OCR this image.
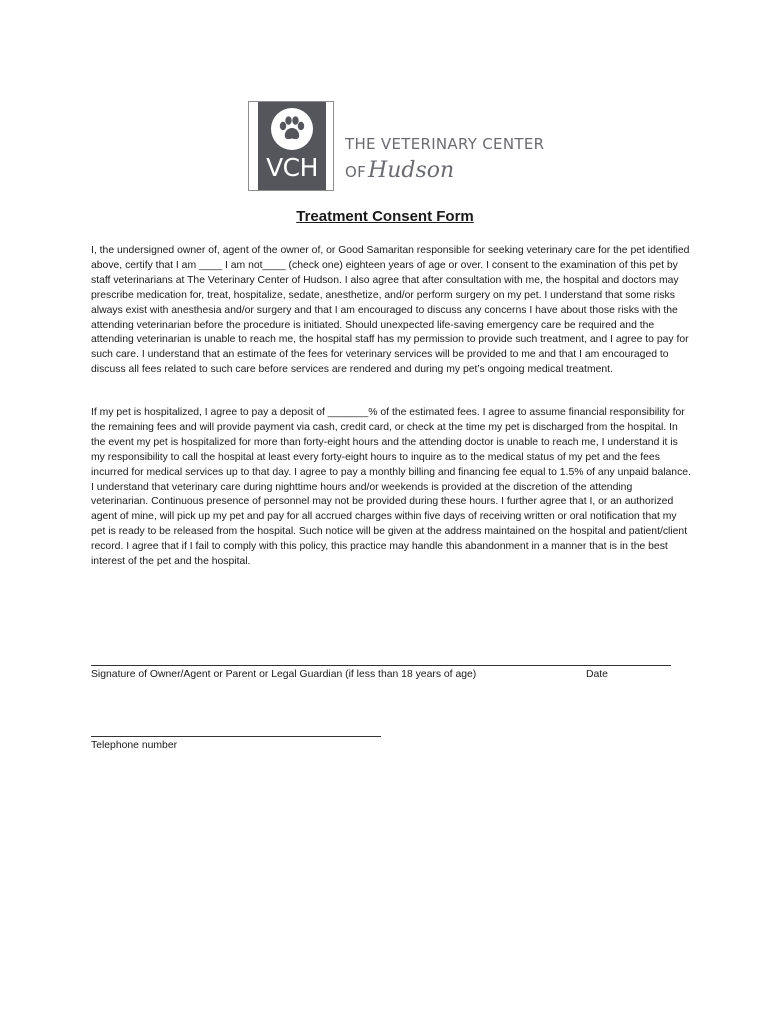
VCH
THE VETERINARY CENTER
OFHudson
Treatment Consent Form

I, the undersigned owner of, agent of the owner of, or Good Samaritan responsible for seeking veterinary care for the pet identified above, certify that I am ____ I am not____ (check one) eighteen years of age or over. I consent to the examination of this pet by staff veterinarians at The Veterinary Center of Hudson. I also agree that after consultation with me, the hospital and doctors may prescribe medication for, treat, hospitalize, sedate, anesthetize, and/or perform surgery on my pet. I understand that some risks always exist with anesthesia and/or surgery and that I am encouraged to discuss any concerns I have about those risks with the attending veterinarian before the procedure is initiated. Should unexpected life-saving emergency care be required and the attending veterinarian is unable to reach me, the hospital staff has my permission to provide such treatment, and I agree to pay for such care. I understand that an estimate of the fees for veterinary services will be provided to me and that I am encouraged to discuss all fees related to such care before services are rendered and during my pet’s ongoing medical treatment.

If my pet is hospitalized, I agree to pay a deposit of _______% of the estimated fees. I agree to assume financial responsibility for the remaining fees and will provide payment via cash, credit card, or check at the time my pet is discharged from the hospital. In the event my pet is hospitalized for more than forty-eight hours and the attending doctor is unable to reach me, I understand it is my responsibility to call the hospital at least every forty-eight hours to inquire as to the medical status of my pet and the fees incurred for medical services up to that day. I agree to pay a monthly billing and financing fee equal to 1.5% of any unpaid balance. I understand that veterinary care during nighttime hours and/or weekends is provided at the discretion of the attending veterinarian. Continuous presence of personnel may not be provided during these hours. I further agree that I, or an authorized agent of mine, will pick up my pet and pay for all accrued charges within five days of receiving written or oral notification that my pet is ready to be released from the hospital. Such notice will be given at the address maintained on the hospital and patient/client record. I agree that if I fail to comply with this policy, this practice may handle this abandonment in a manner that is in the best interest of the pet and the hospital.

Signature of Owner/Agent or Parent or Legal Guardian (if less than 18 years of age)	Date
Telephone number
